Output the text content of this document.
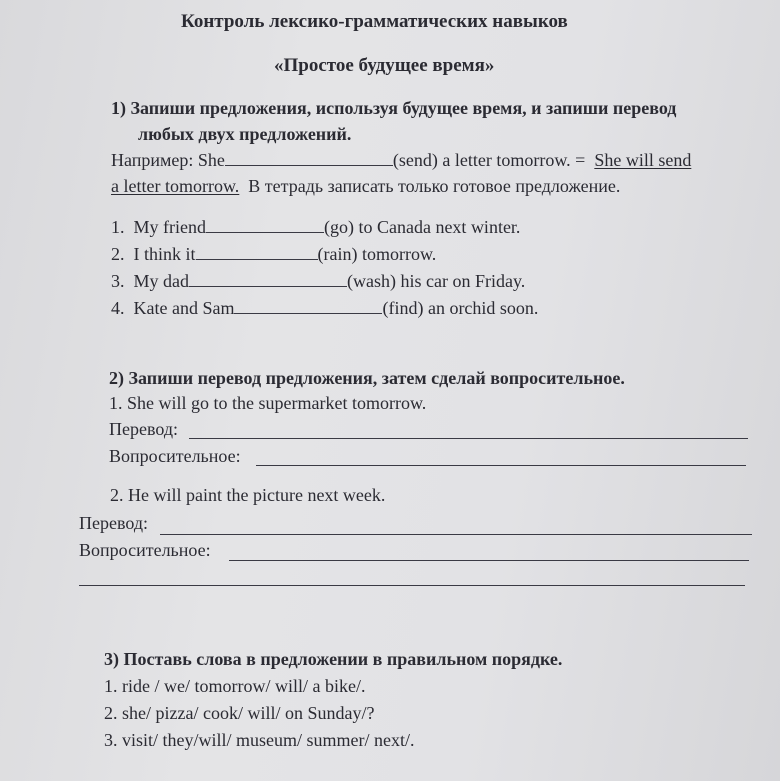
Контроль лексико-грамматических навыков
«Простое будущее время»
1) Запиши предложения, используя будущее время, и запиши перевод
любых двух предложений.
Например: She	(send) a letter tomorrow. = She will send
a letter tomorrow. В тетрадь записать только готовое предложение.
1. My friend	(go) to Canada next winter.
2. I think it	(rain) tomorrow.
3. My dad	(wash) his car on Friday.
4. Kate and Sam	(find) an orchid soon.
2) Запиши перевод предложения, затем сделай вопросительное.
1. She will go to the supermarket tomorrow.
Перевод:
Вопросительное:
2. He will paint the picture next week.
Перевод:
Вопросительное:
3) Поставь слова в предложении в правильном порядке.
1. ride / we/ tomorrow/ will/ a bike/.
2. she/ pizza/ cook/ will/ on Sunday/?
3. visit/ they/will/ museum/ summer/ next/.
